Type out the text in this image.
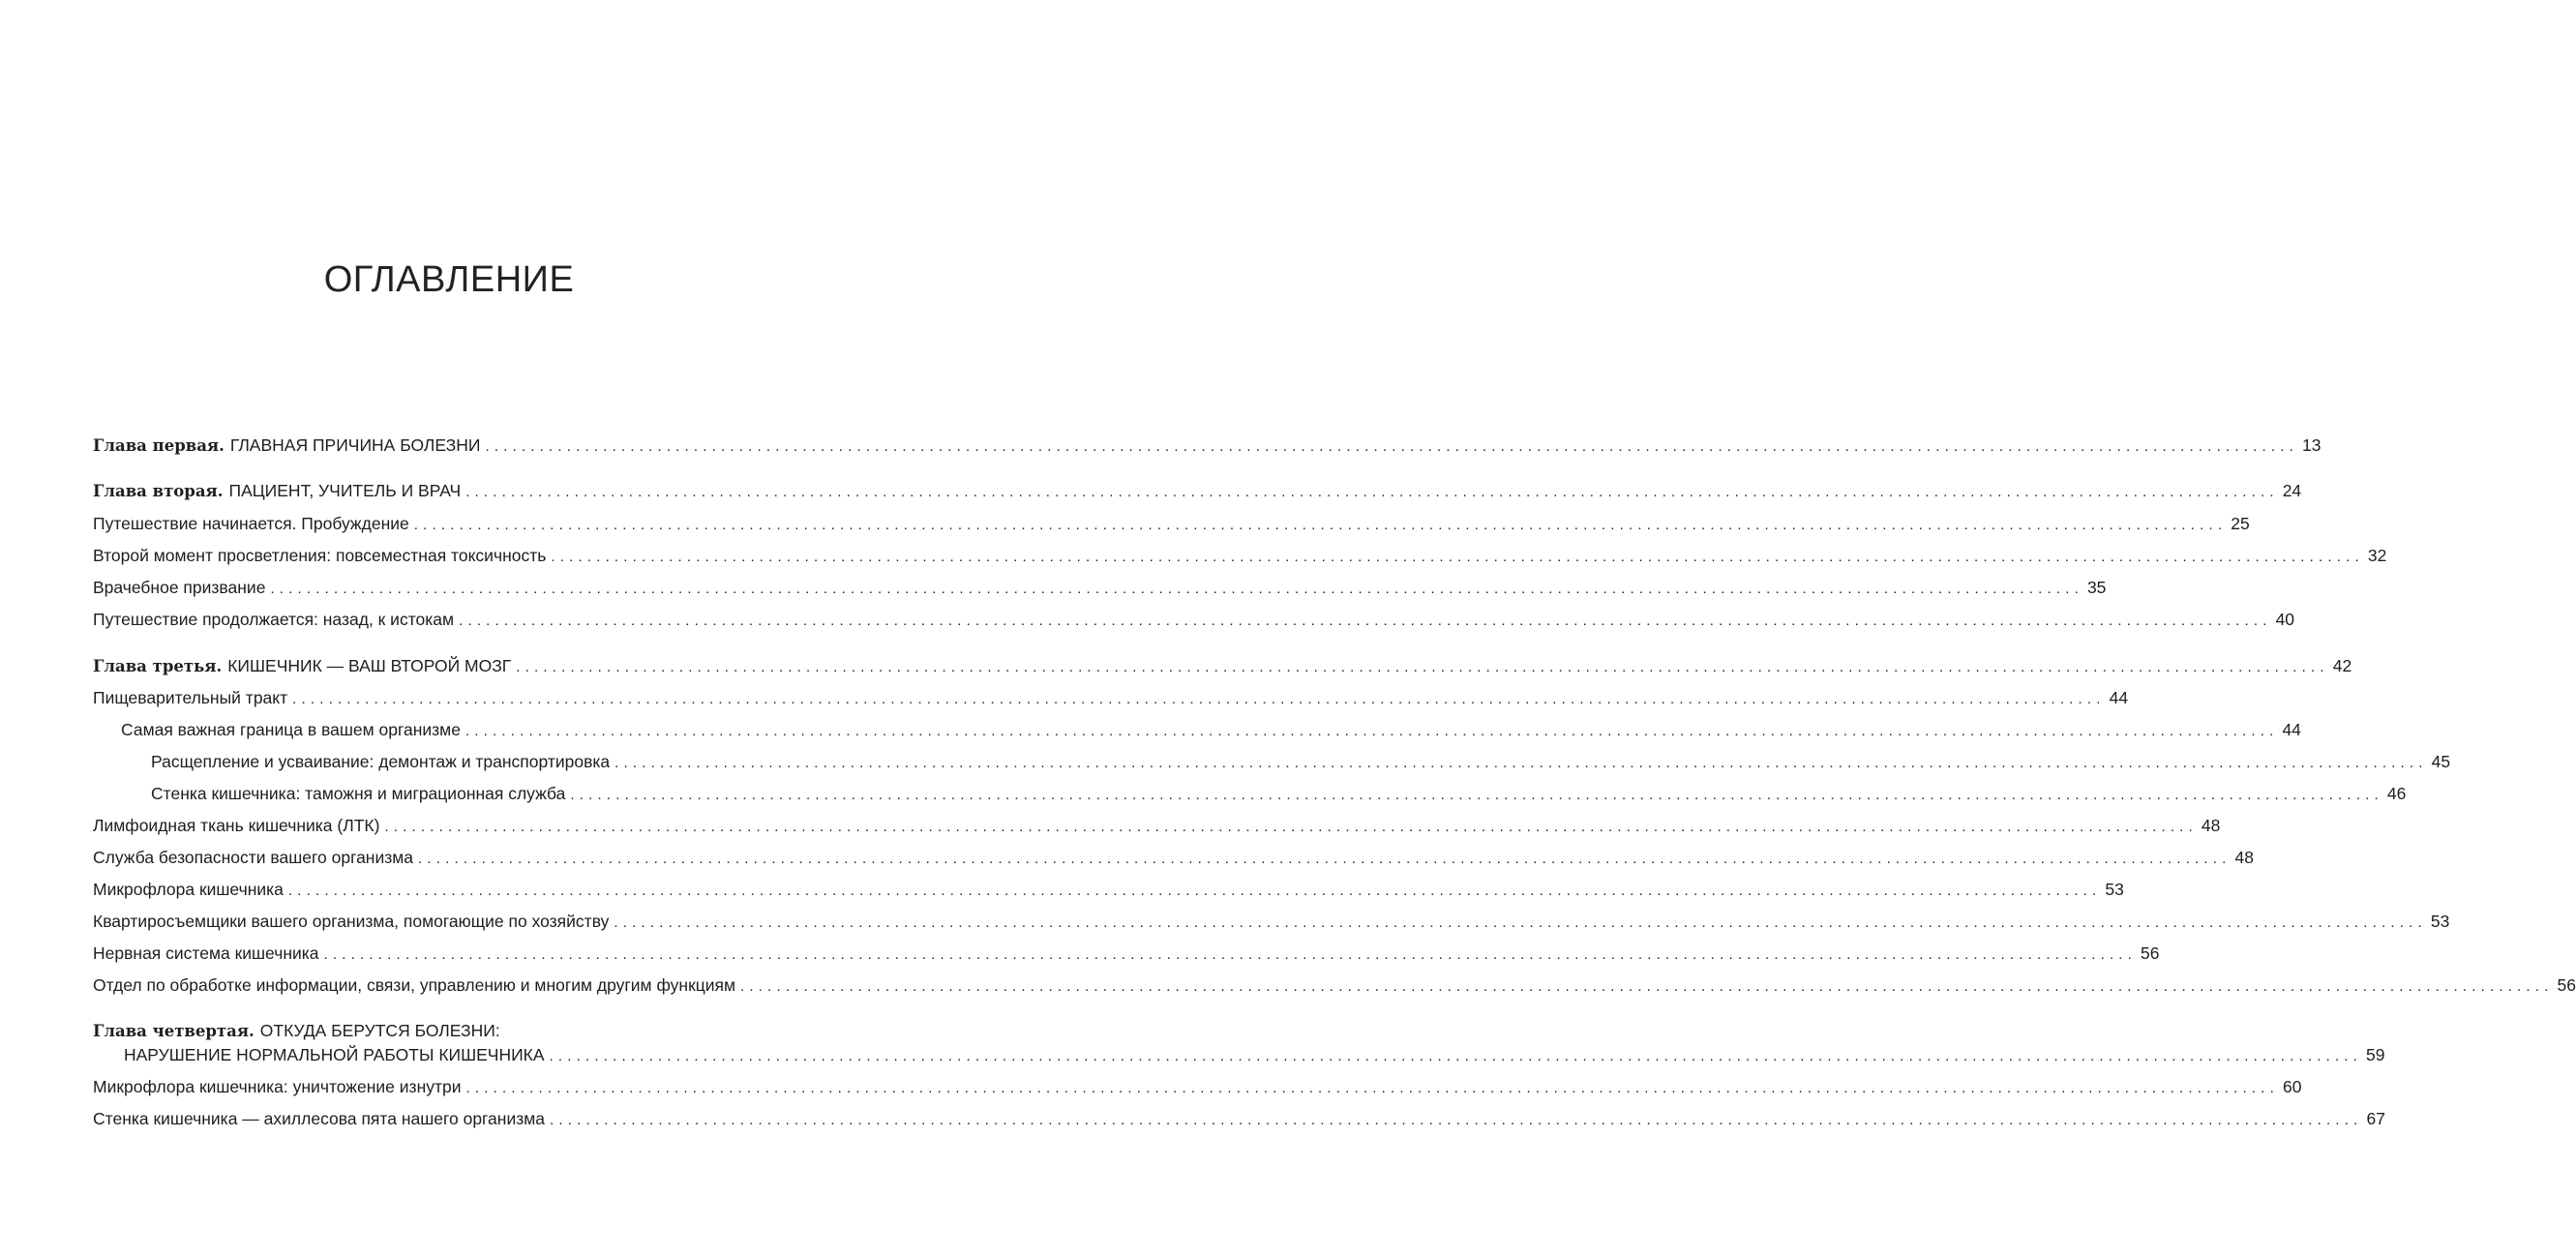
ОГЛАВЛЕНИЕ
Глава первая. ГЛАВНАЯ ПРИЧИНА БОЛЕЗНИ ........................................................................................................................................................................................................ 13
Глава вторая. ПАЦИЕНТ, УЧИТЕЛЬ И ВРАЧ ........................................................................................................................................................................................................ 24
Путешествие начинается. Пробуждение ........................................................................................................................................................................................................ 25
Второй момент просветления: повсеместная токсичность ........................................................................................................................................................................................................ 32
Врачебное призвание ........................................................................................................................................................................................................ 35
Путешествие продолжается: назад, к истокам ........................................................................................................................................................................................................ 40
Глава третья. КИШЕЧНИК — ВАШ ВТОРОЙ МОЗГ ........................................................................................................................................................................................................ 42
Пищеварительный тракт ........................................................................................................................................................................................................ 44
Самая важная граница в вашем организме ........................................................................................................................................................................................................ 44
Расщепление и усваивание: демонтаж и транспортировка ........................................................................................................................................................................................................ 45
Стенка кишечника: таможня и миграционная служба ........................................................................................................................................................................................................ 46
Лимфоидная ткань кишечника (ЛТК) ........................................................................................................................................................................................................ 48
Служба безопасности вашего организма ........................................................................................................................................................................................................ 48
Микрофлора кишечника ........................................................................................................................................................................................................ 53
Квартиросъемщики вашего организма, помогающие по хозяйству ........................................................................................................................................................................................................ 53
Нервная система кишечника ........................................................................................................................................................................................................ 56
Отдел по обработке информации, связи, управлению и многим другим функциям ........................................................................................................................................................................................................ 56
Глава четвертая. ОТКУДА БЕРУТСЯ БОЛЕЗНИ:
НАРУШЕНИЕ НОРМАЛЬНОЙ РАБОТЫ КИШЕЧНИКА ........................................................................................................................................................................................................ 59
Микрофлора кишечника: уничтожение изнутри ........................................................................................................................................................................................................ 60
Стенка кишечника — ахиллесова пята нашего организма ........................................................................................................................................................................................................ 67
